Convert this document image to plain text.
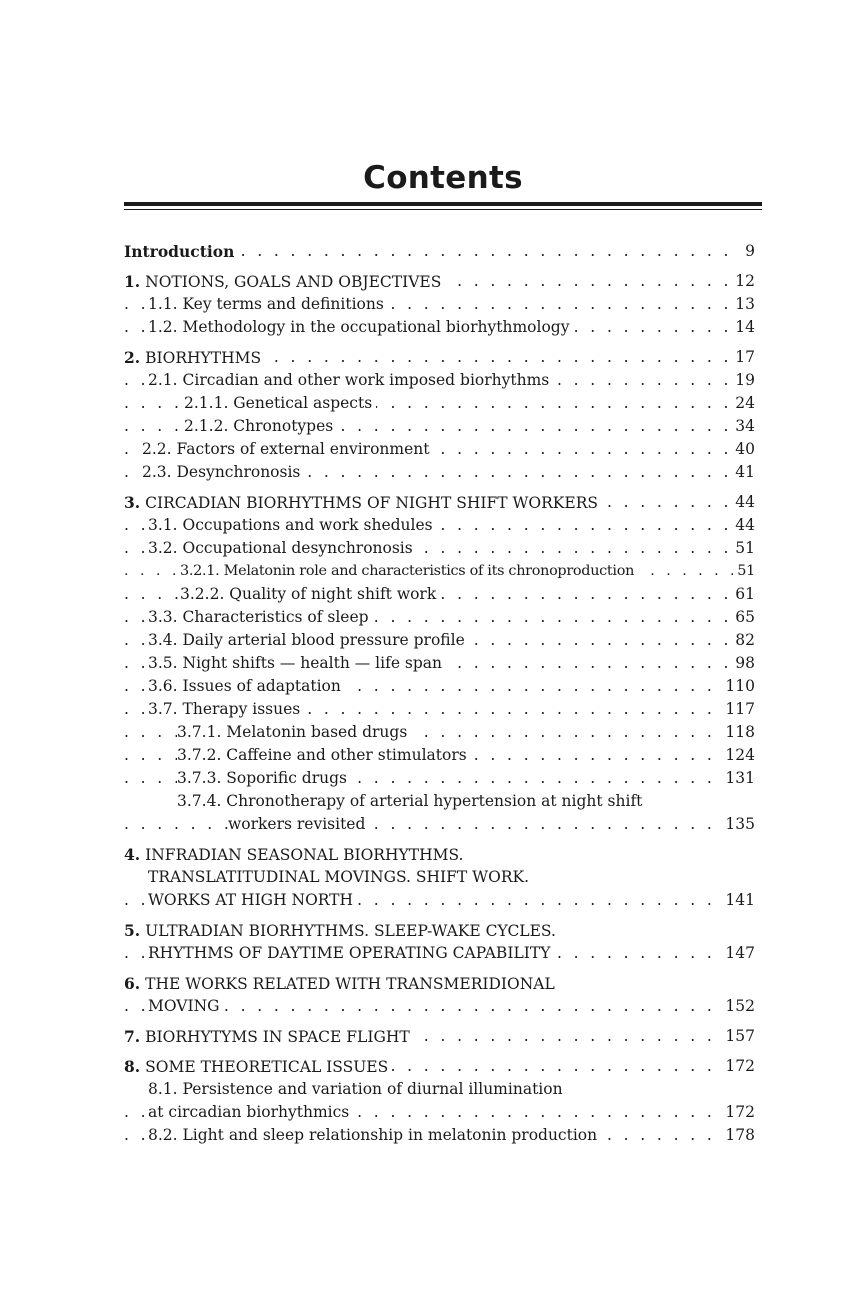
Contents
. . .
Introduction	9
. . .
1. NOTIONS, GOALS AND OBJECTIVES	12
. . .
1.1. Key terms and definitions	13
. . .
1.2. Methodology in the occupational biorhythmology	14
. . .
2. BIORHYTHMS	17
. . .
2.1. Circadian and other work imposed biorhythms	19
. . .
2.1.1. Genetical aspects	24
. . .
2.1.2. Chronotypes	34
. . .
2.2. Factors of external environment	40
. . .
2.3. Desynchronosis	41
. . .
3. CIRCADIAN BIORHYTHMS OF NIGHT SHIFT WORKERS	44
. . .
3.1. Occupations and work shedules	44
. . .
3.2. Occupational desynchronosis	51
. . .
3.2.1. Melatonin role and characteristics of its chronoproduction	51
. . .
3.2.2. Quality of night shift work	61
. . .
3.3. Characteristics of sleep	65
. . .
3.4. Daily arterial blood pressure profile	82
. . .
3.5. Night shifts — health — life span	98
. . .
3.6. Issues of adaptation	110
. . .
3.7. Therapy issues	117
. . .
3.7.1. Melatonin based drugs	118
. . .
3.7.2. Caffeine and other stimulators	124
. . .
3.7.3. Soporific drugs	131
3.7.4. Chronotherapy of arterial hypertension at night shift
. . .
workers revisited	135
4. INFRADIAN SEASONAL BIORHYTHMS.
TRANSLATITUDINAL MOVINGS. SHIFT WORK.
. . .
WORKS AT HIGH NORTH	141
5. ULTRADIAN BIORHYTHMS. SLEEP-WAKE CYCLES.
. . .
RHYTHMS OF DAYTIME OPERATING CAPABILITY	147
6. THE WORKS RELATED WITH TRANSMERIDIONAL
. . .
MOVING	152
. . .
7. BIORHYTYMS IN SPACE FLIGHT	157
. . .
8. SOME THEORETICAL ISSUES	172
8.1. Persistence and variation of diurnal illumination
. . .
at circadian biorhythmics	172
. . .
8.2. Light and sleep relationship in melatonin production	178
